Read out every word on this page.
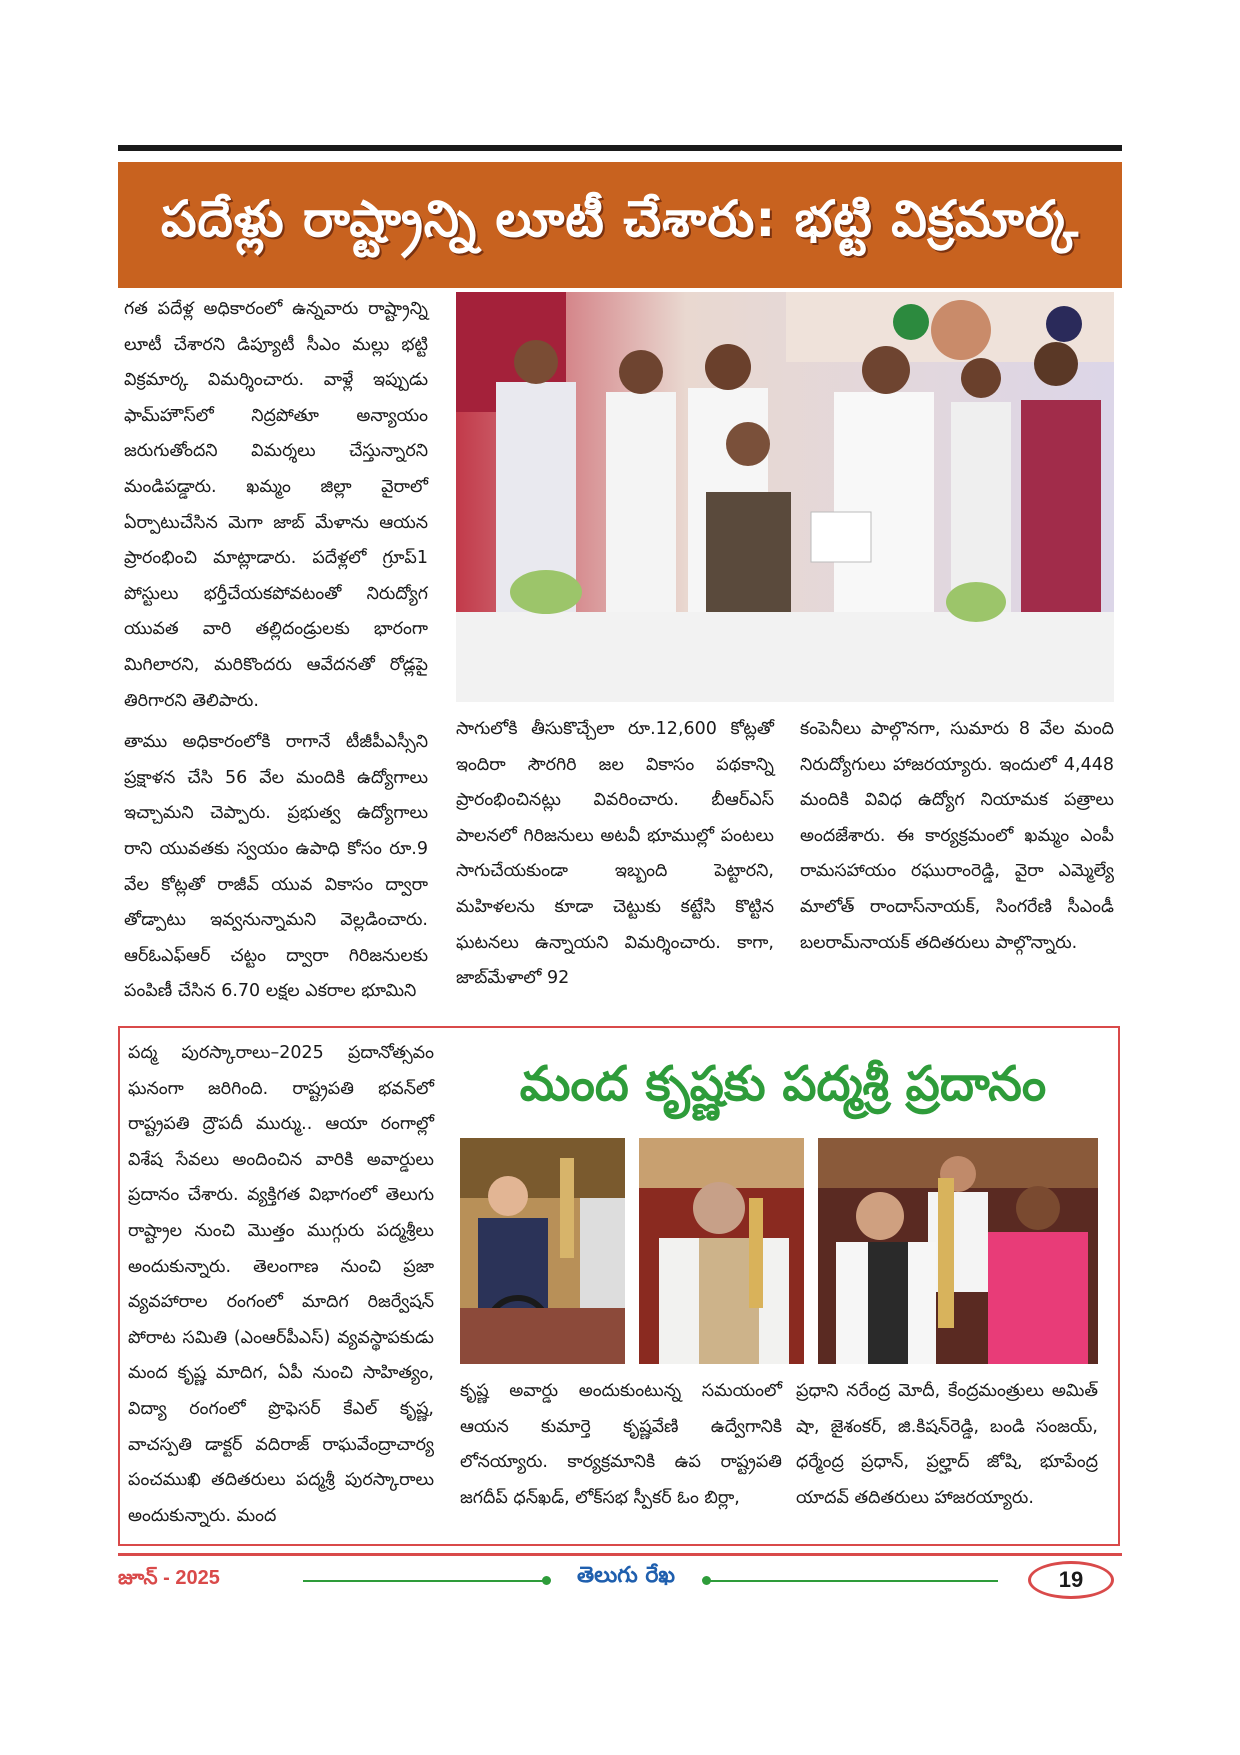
పదేళ్లు రాష్ట్రాన్ని లూటీ చేశారు: భట్టి విక్రమార్క

గత పదేళ్ల అధికారంలో ఉన్నవారు రాష్ట్రాన్ని లూటీ చేశారని డిప్యూటీ సీఎం మల్లు భట్టి విక్రమార్క విమర్శించారు. వాళ్లే ఇప్పుడు ఫామ్‌హౌస్‌లో నిద్రపోతూ అన్యాయం జరుగుతోందని విమర్శలు చేస్తున్నారని మండిపడ్డారు. ఖమ్మం జిల్లా వైరాలో ఏర్పాటుచేసిన మెగా జాబ్ మేళాను ఆయన ప్రారంభించి మాట్లాడారు. పదేళ్లలో గ్రూప్‌1 పోస్టులు భర్తీచేయకపోవటంతో నిరుద్యోగ యువత వారి తల్లిదండ్రులకు భారంగా మిగిలారని, మరికొందరు ఆవేదనతో రోడ్లపై తిరిగారని తెలిపారు.

తాము అధికారంలోకి రాగానే టీజీపీఎస్సీని ప్రక్షాళన చేసి 56 వేల మందికి ఉద్యోగాలు ఇచ్చామని చెప్పారు. ప్రభుత్వ ఉద్యోగాలు రాని యువతకు స్వయం ఉపాధి కోసం రూ.9 వేల కోట్లతో రాజీవ్ యువ వికాసం ద్వారా తోడ్పాటు ఇవ్వనున్నామని వెల్లడించారు. ఆర్‌ఓఎఫ్‌ఆర్ చట్టం ద్వారా గిరిజనులకు పంపిణీ చేసిన 6.70 లక్షల ఎకరాల భూమిని

సాగులోకి తీసుకొచ్చేలా రూ.12,600 కోట్లతో ఇందిరా సౌరగిరి జల వికాసం పథకాన్ని ప్రారంభించినట్లు వివరించారు. బీఆర్ఎస్ పాలనలో గిరిజనులు అటవీ భూముల్లో పంటలు సాగుచేయకుండా ఇబ్బంది పెట్టారని, మహిళలను కూడా చెట్టుకు కట్టేసి కొట్టిన ఘటనలు ఉన్నాయని విమర్శించారు. కాగా, జాబ్‌మేళాలో 92

కంపెనీలు పాల్గొనగా, సుమారు 8 వేల మంది నిరుద్యోగులు హాజరయ్యారు. ఇందులో 4,448 మందికి వివిధ ఉద్యోగ నియామక పత్రాలు అందజేశారు. ఈ కార్యక్రమంలో ఖమ్మం ఎంపీ రామసహాయం రఘురాంరెడ్డి, వైరా ఎమ్మెల్యే మాలోత్ రాందాస్‌నాయక్, సింగరేణి సీఎండీ బలరామ్‌నాయక్ తదితరులు పాల్గొన్నారు.

మంద కృష్ణకు పద్మశ్రీ ప్రదానం

పద్మ పురస్కారాలు–2025 ప్రదానోత్సవం ఘనంగా జరిగింది. రాష్ట్రపతి భవన్‌లో రాష్ట్రపతి ద్రౌపదీ ముర్ము.. ఆయా రంగాల్లో విశేష సేవలు అందించిన వారికి అవార్డులు ప్రదానం చేశారు. వ్యక్తిగత విభాగంలో తెలుగు రాష్ట్రాల నుంచి మొత్తం ముగ్గురు పద్మశ్రీలు అందుకున్నారు. తెలంగాణ నుంచి ప్రజా వ్యవహారాల రంగంలో మాదిగ రిజర్వేషన్ పోరాట సమితి (ఎంఆర్‌పీఎస్) వ్యవస్థాపకుడు మంద కృష్ణ మాదిగ, ఏపీ నుంచి సాహిత్యం, విద్యా రంగంలో ప్రొఫెసర్ కేఎల్ కృష్ణ, వాచస్పతి డాక్టర్ వదిరాజ్ రాఘవేంద్రాచార్య పంచముఖి తదితరులు పద్మశ్రీ పురస్కారాలు అందుకున్నారు. మంద

కృష్ణ అవార్డు అందుకుంటున్న సమయంలో ఆయన కుమార్తె కృష్ణవేణి ఉద్వేగానికి లోనయ్యారు. కార్యక్రమానికి ఉప రాష్ట్రపతి జగదీప్ ధన్‌ఖడ్, లోక్‌సభ స్పీకర్ ఓం బిర్లా,

ప్రధాని నరేంద్ర మోదీ, కేంద్రమంత్రులు అమిత్ షా, జైశంకర్, జి.కిషన్‌రెడ్డి, బండి సంజయ్, ధర్మేంద్ర ప్రధాన్, ప్రల్హాద్ జోషి, భూపేంద్ర యాదవ్ తదితరులు హాజరయ్యారు.

జూన్ - 2025	తెలుగు రేఖ	19
